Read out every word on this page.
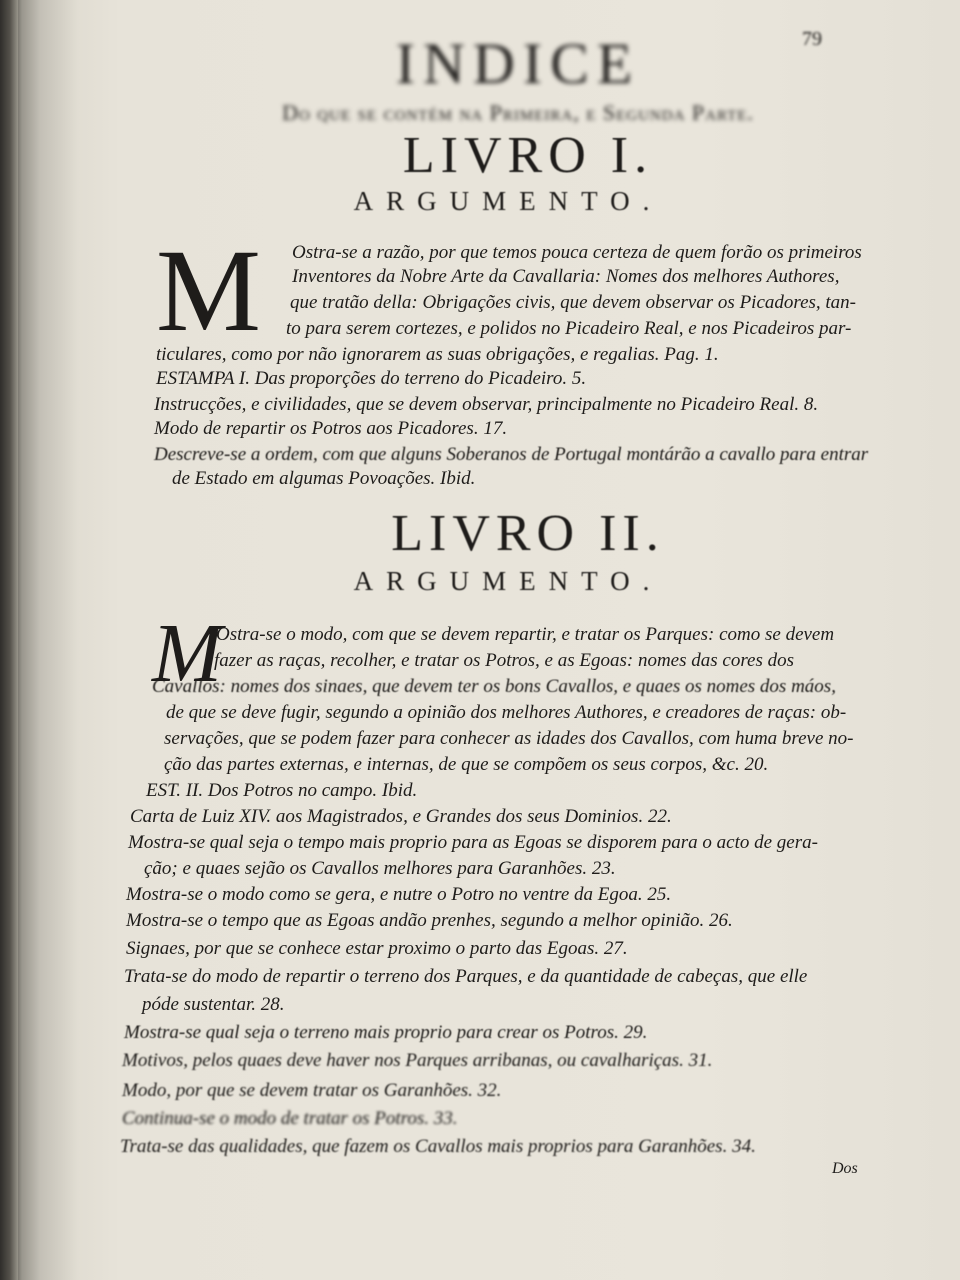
79
INDICE
Do que se contém na Primeira, e Segunda Parte.
LIVRO I.
ARGUMENTO.
M Ostra-se a razão, por que temos pouca certeza de quem forão os primeiros
Inventores da Nobre Arte da Cavallaria: Nomes dos melhores Authores,
que tratão della: Obrigações civis, que devem observar os Picadores, tan-
to para serem cortezes, e polidos no Picadeiro Real, e nos Picadeiros par-
ticulares, como por não ignorarem as suas obrigações, e regalias. Pag. 1.
ESTAMPA I. Das proporções do terreno do Picadeiro. 5.
Instrucções, e civilidades, que se devem observar, principalmente no Picadeiro Real. 8.
Modo de repartir os Potros aos Picadores. 17.
Descreve-se a ordem, com que alguns Soberanos de Portugal montárão a cavallo para entrar
de Estado em algumas Povoações. Ibid.
LIVRO II.
ARGUMENTO.
M
Ostra-se o modo, com que se devem repartir, e tratar os Parques: como se devem
fazer as raças, recolher, e tratar os Potros, e as Egoas: nomes das cores dos
Cavallos: nomes dos sinaes, que devem ter os bons Cavallos, e quaes os nomes dos máos,
de que se deve fugir, segundo a opinião dos melhores Authores, e creadores de raças: ob-
servações, que se podem fazer para conhecer as idades dos Cavallos, com huma breve no-
ção das partes externas, e internas, de que se compõem os seus corpos, &c. 20.
EST. II. Dos Potros no campo. Ibid.
Carta de Luiz XIV. aos Magistrados, e Grandes dos seus Dominios. 22.
Mostra-se qual seja o tempo mais proprio para as Egoas se disporem para o acto de gera-
ção; e quaes sejão os Cavallos melhores para Garanhões. 23.
Mostra-se o modo como se gera, e nutre o Potro no ventre da Egoa. 25.
Mostra-se o tempo que as Egoas andão prenhes, segundo a melhor opinião. 26.
Signaes, por que se conhece estar proximo o parto das Egoas. 27.
Trata-se do modo de repartir o terreno dos Parques, e da quantidade de cabeças, que elle
póde sustentar. 28.
Mostra-se qual seja o terreno mais proprio para crear os Potros. 29.
Motivos, pelos quaes deve haver nos Parques arribanas, ou cavalhariças. 31.
Modo, por que se devem tratar os Garanhões. 32.
Continua-se o modo de tratar os Potros. 33.
Trata-se das qualidades, que fazem os Cavallos mais proprios para Garanhões. 34.
Dos
